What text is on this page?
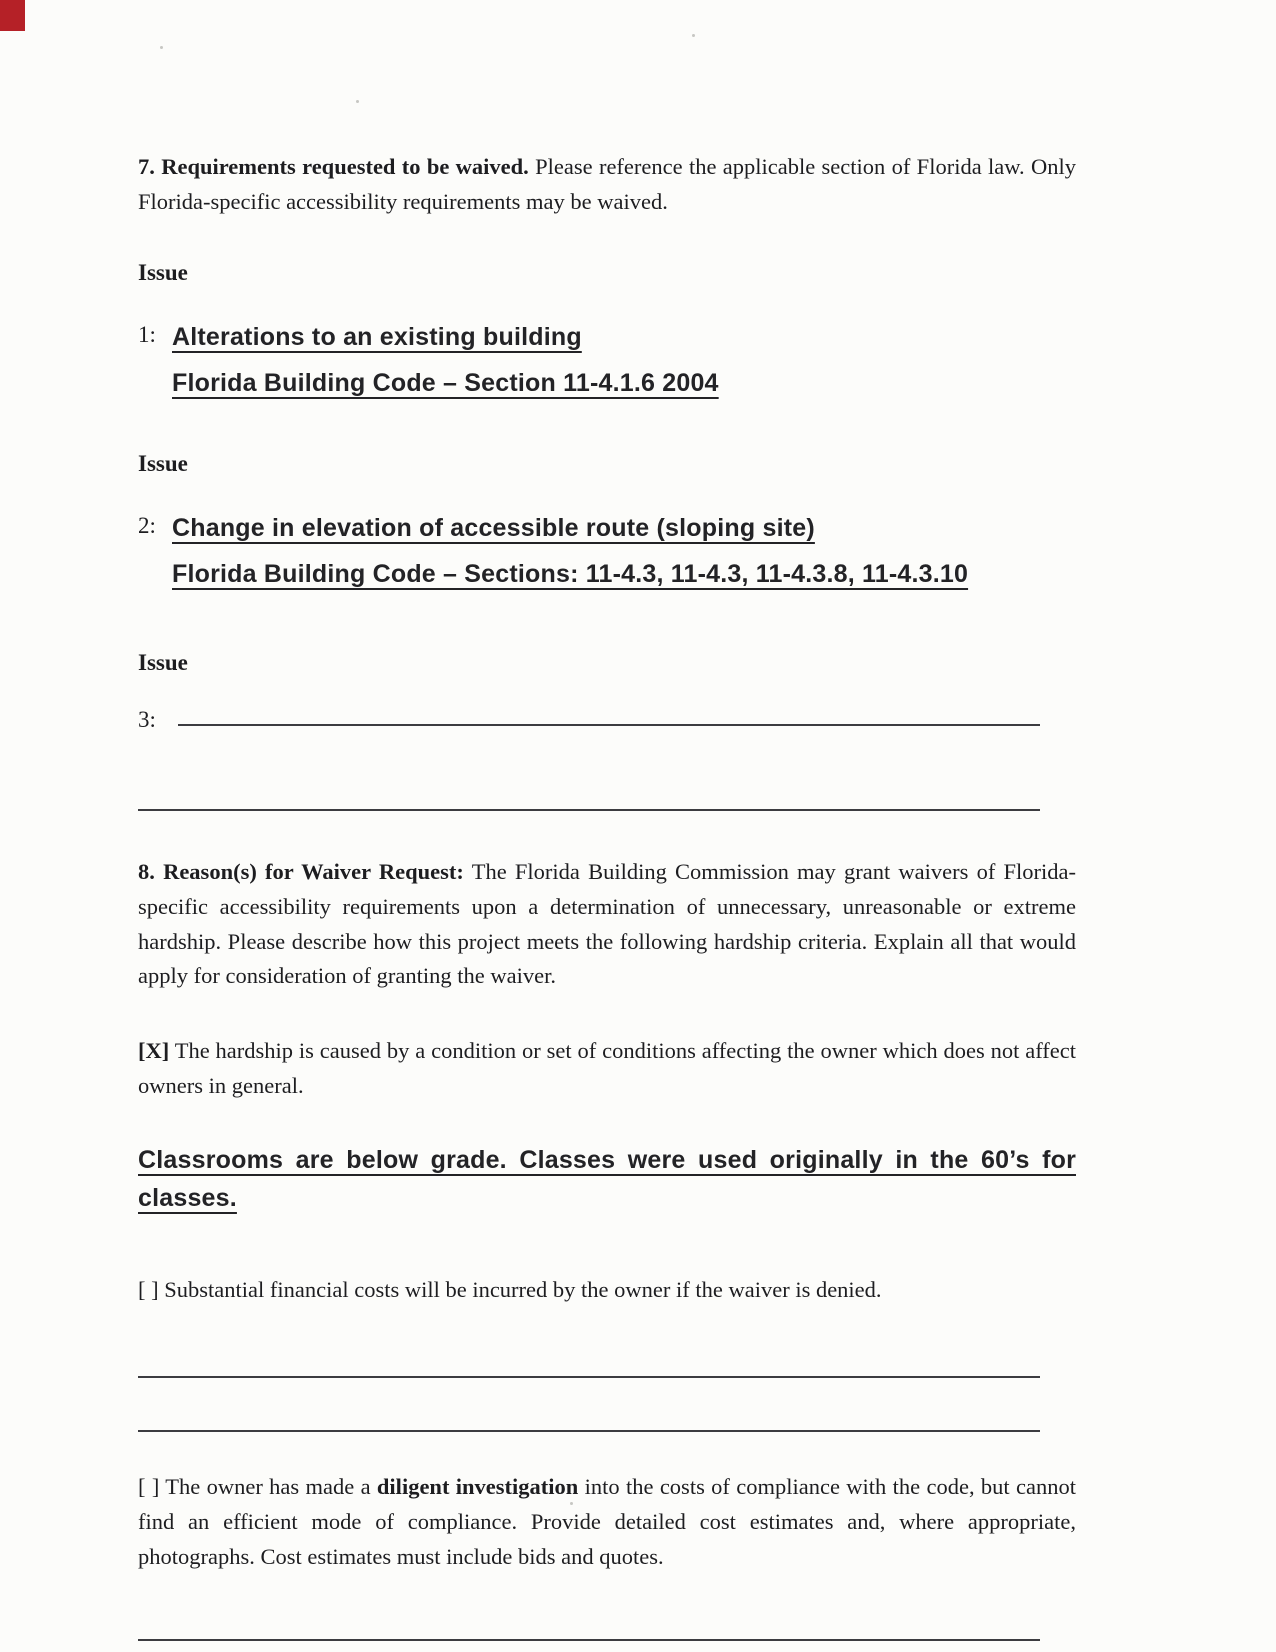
7. Requirements requested to be waived. Please reference the applicable section of Florida law. Only Florida-specific accessibility requirements may be waived.

Issue

1: Alterations to an existing building
Florida Building Code – Section 11-4.1.6 2004

Issue

2: Change in elevation of accessible route (sloping site)
Florida Building Code – Sections: 11-4.3, 11-4.3, 11-4.3.8, 11-4.3.10

Issue

3:

8. Reason(s) for Waiver Request: The Florida Building Commission may grant waivers of Florida-specific accessibility requirements upon a determination of unnecessary, unreasonable or extreme hardship. Please describe how this project meets the following hardship criteria. Explain all that would apply for consideration of granting the waiver.

[X] The hardship is caused by a condition or set of conditions affecting the owner which does not affect owners in general.

Classrooms are below grade. Classes were used originally in the 60’s for classes.

[ ] Substantial financial costs will be incurred by the owner if the waiver is denied.

[ ] The owner has made a diligent investigation into the costs of compliance with the code, but cannot find an efficient mode of compliance. Provide detailed cost estimates and, where appropriate, photographs. Cost estimates must include bids and quotes.
